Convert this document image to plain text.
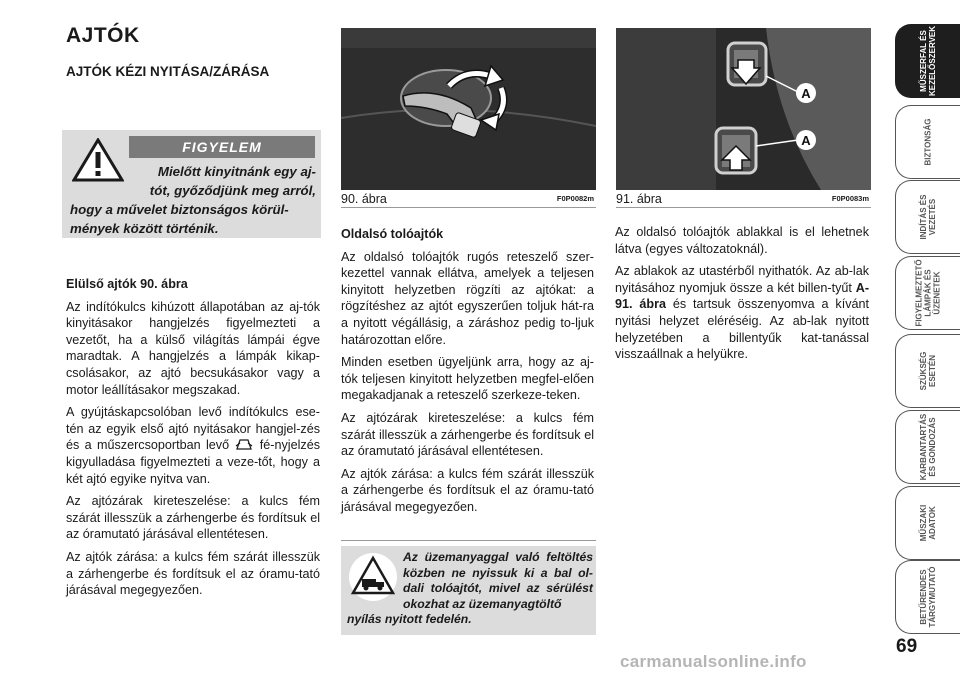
AJTÓK
AJTÓK KÉZI NYITÁSA/ZÁRÁSA
FIGYELEM
Mielőtt kinyitnánk egy aj-
tót, győződjünk meg arról,
hogy a művelet biztonságos körül-mények között történik.
Elülső ajtók 90. ábra

Az indítókulcs kihúzott állapotában az aj-tók kinyitásakor hangjelzés figyelmezteti a vezetőt, ha a külső világítás lámpái égve maradtak. A hangjelzés a lámpák kikap-csolásakor, az ajtó becsukásakor vagy a motor leállításakor megszakad.

A gyújtáskapcsolóban levő indítókulcs ese-tén az egyik első ajtó nyitásakor hangjel-zés és a műszercsoportban levő fé-nyjelzés kigyulladása figyelmezteti a veze-tőt, hogy a két ajtó egyike nyitva van.

Az ajtózárak kireteszelése: a kulcs fém szárát illesszük a zárhengerbe és fordítsuk el az óramutató járásával ellentétesen.

Az ajtók zárása: a kulcs fém szárát illesszük a zárhengerbe és fordítsuk el az óramu-tató járásával megegyezően.

90. ábra	F0P0082m
A
A
91. ábra	F0P0083m
Oldalsó tolóajtók

Az oldalsó tolóajtók rugós reteszelő szer-kezettel vannak ellátva, amelyek a teljesen kinyitott helyzetben rögzíti az ajtókat: a rögzítéshez az ajtót egyszerűen toljuk hát-ra a nyitott végállásig, a záráshoz pedig to-ljuk határozottan előre.

Minden esetben ügyeljünk arra, hogy az aj-tók teljesen kinyitott helyzetben megfel-elően megakadjanak a reteszelő szerkeze-teken.

Az ajtózárak kireteszelése: a kulcs fém szárát illesszük a zárhengerbe és fordítsuk el az óramutató járásával ellentétesen.

Az ajtók zárása: a kulcs fém szárát illesszük a zárhengerbe és fordítsuk el az óramu-tató járásával megegyezően.

Az üzemanyaggal való feltöltés közben ne nyissuk ki a bal ol-dali tolóajtót, mivel az sérülést okozhat az üzemanyagtöltő
nyílás nyitott fedelén.

Az oldalsó tolóajtók ablakkal is el lehetnek látva (egyes változatoknál).

Az ablakok az utastérből nyithatók. Az ab-lak nyitásához nyomjuk össze a két billen-tyűt A-91. ábra és tartsuk összenyomva a kívánt nyitási helyzet eléréséig. Az ab-lak nyitott helyzetében a billentyűk kat-tanással visszaállnak a helyükre.

MŰSZERFAL ÉS
KEZELŐSZERVEK
BIZTONSÁG
INDÍTÁS ÉS
VEZETÉS
FIGYELMEZTETŐ
LÁMPÁK ÉS
ÜZENETEK
SZÜKSÉG
ESETÉN
KARBANTARTÁS
ÉS GONDOZÁS
MŰSZAKI
ADATOK
BETŰRENDES
TÁRGYMUTATÓ
69
carmanualsonline.info
